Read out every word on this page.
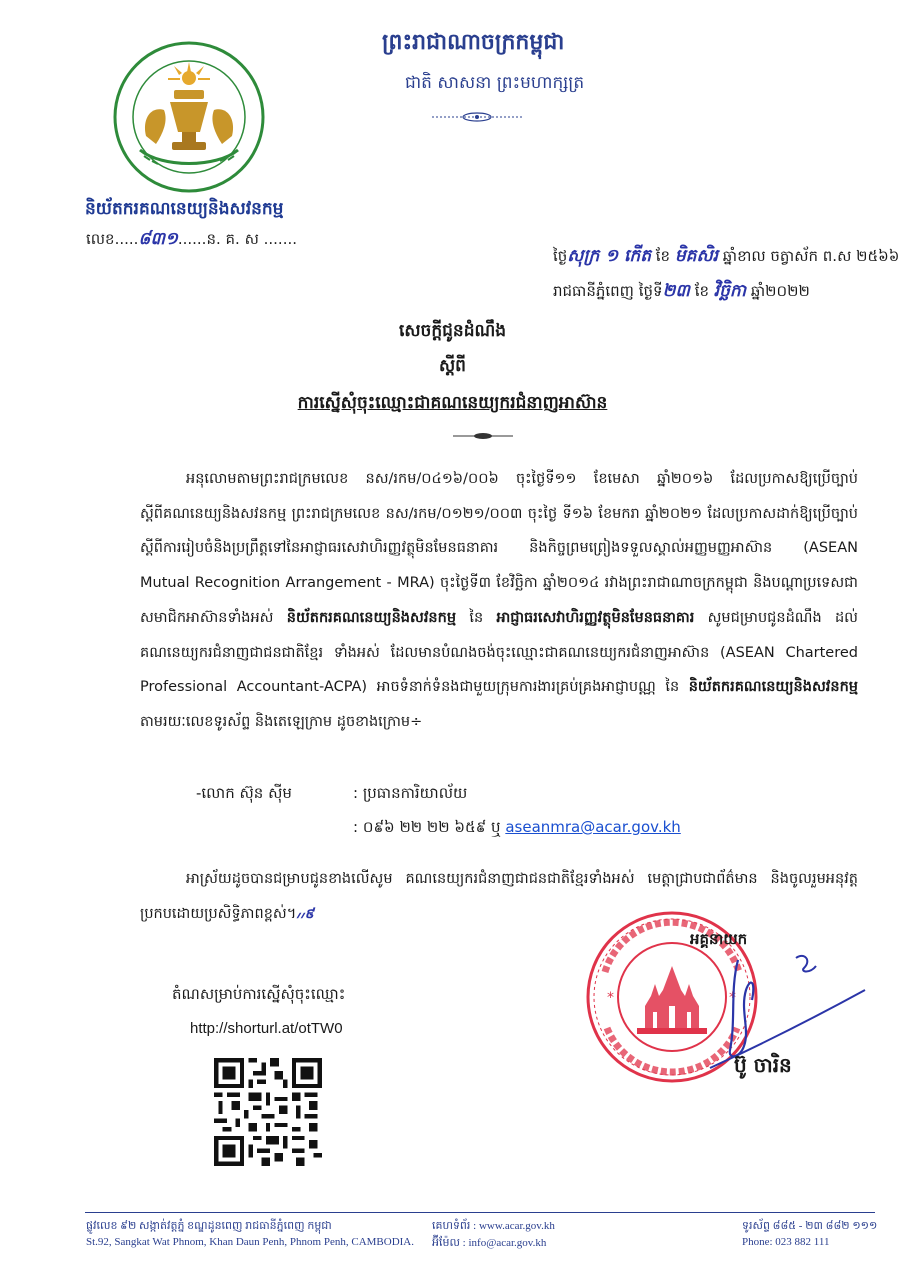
និយ័តករគណនេយ្យនិងសវនកម្ម
លេខ.....៨៣១......ន. គ. ស .......
ព្រះរាជាណាចក្រកម្ពុជា
ជាតិ សាសនា ព្រះមហាក្សត្រ
ថ្ងៃសុក្រ ១ កើត ខែ មិគសិរ ឆ្នាំខាល ចត្វាស័ក ព.ស ២៥៦៦
រាជធានីភ្នំពេញ ថ្ងៃទី២៣ ខែ វិច្ឆិកា ឆ្នាំ២០២២
សេចក្តីជូនដំណឹង
ស្តីពី
ការស្នើសុំចុះឈ្មោះជាគណនេយ្យករជំនាញអាស៊ាន
អនុលោមតាមព្រះរាជក្រមលេខ នស/រកម/០៤១៦/០០៦ ចុះថ្ងៃទី១១ ខែមេសា ឆ្នាំ២០១៦ ដែលប្រកាសឱ្យប្រើច្បាប់ស្តីពីគណនេយ្យនិងសវនកម្ម ព្រះរាជក្រមលេខ នស/រកម/០១២១/០០៣ ចុះថ្ងៃ ទី១៦ ខែមករា ឆ្នាំ២០២១ ដែលប្រកាសដាក់ឱ្យប្រើច្បាប់ស្តីពីការរៀបចំនិងប្រព្រឹត្តទៅនៃអាជ្ញាធរសេវាហិរញ្ញវត្ថុមិនមែនធនាគារ និងកិច្ចព្រមព្រៀងទទួលស្គាល់អញ្ញមញ្ញអាស៊ាន (ASEAN Mutual Recognition Arrangement - MRA) ចុះថ្ងៃទី៣ ខែវិច្ឆិកា ឆ្នាំ២០១៤ រវាងព្រះរាជាណាចក្រកម្ពុជា និងបណ្តាប្រទេសជាសមាជិកអាស៊ានទាំងអស់ និយ័តករគណនេយ្យនិងសវនកម្ម នៃ អាជ្ញាធរសេវាហិរញ្ញវត្ថុមិនមែនធនាគារ សូមជម្រាបជូនដំណឹង ដល់គណនេយ្យករជំនាញជាជនជាតិខ្មែរ ទាំងអស់ ដែលមានបំណងចង់ចុះឈ្មោះជាគណនេយ្យករជំនាញអាស៊ាន (ASEAN Chartered Professional Accountant-ACPA) អាចទំនាក់ទំនងជាមួយក្រុមការងារគ្រប់គ្រងអាជ្ញាបណ្ណ នៃ និយ័តករគណនេយ្យនិងសវនកម្ម តាមរយៈលេខទូរស័ព្ទ និងតេឡេក្រាម ដូចខាងក្រោម÷
-លោក ស៊ុន ស៊ីម	: ប្រធានការិយាល័យ
: ០៩៦ ២២ ២២ ៦៥៩ ឬ aseanmra@acar.gov.kh
អាស្រ័យដូចបានជម្រាបជូនខាងលើសូម គណនេយ្យករជំនាញជាជនជាតិខ្មែរទាំងអស់ មេត្តាជ្រាបជាព័ត៌មាន និងចូលរួមអនុវត្តប្រកបដោយប្រសិទ្ធិភាពខ្ពស់។៸៸៩
តំណសម្រាប់ការស្នើសុំចុះឈ្មោះ
http://shorturl.at/otTW0
*	*
អគ្គនាយក
ប៊ូ ចារិន
ផ្លូវលេខ ៩២ សង្កាត់វត្តភ្នំ ខណ្ឌដូនពេញ រាជធានីភ្នំពេញ កម្ពុជា
St.92, Sangkat Wat Phnom, Khan Daun Penh, Phnom Penh, CAMBODIA.
គេហទំព័រ : www.acar.gov.kh
អ៊ីម៉ែល : info@acar.gov.kh
ទូរស័ព្ទ ៨៨៥ - ២៣ ៨៨២ ១១១
Phone: 023 882 111
